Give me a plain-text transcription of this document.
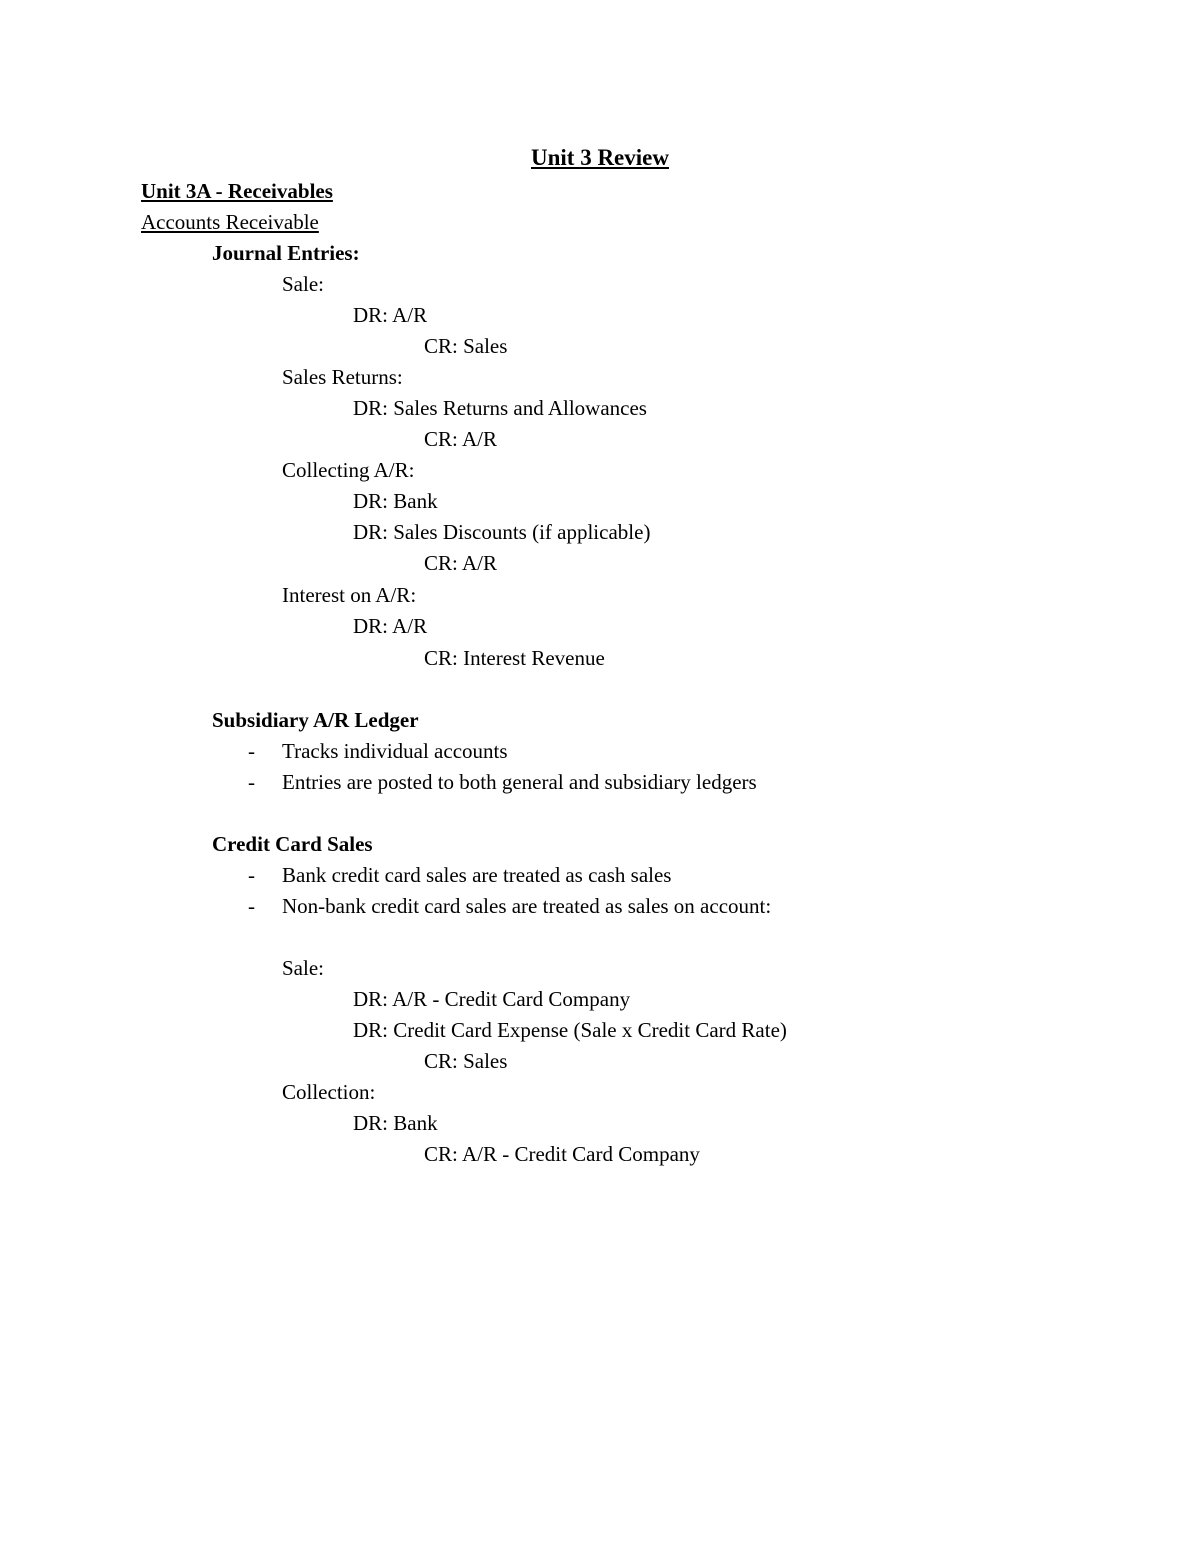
Unit 3 Review
Unit 3A - Receivables
Accounts Receivable
Journal Entries:
Sale:
DR: A/R
CR: Sales
Sales Returns:
DR: Sales Returns and Allowances
CR: A/R
Collecting A/R:
DR: Bank
DR: Sales Discounts (if applicable)
CR: A/R
Interest on A/R:
DR: A/R
CR: Interest Revenue
Subsidiary A/R Ledger
- Tracks individual accounts
- Entries are posted to both general and subsidiary ledgers
Credit Card Sales
- Bank credit card sales are treated as cash sales
- Non-bank credit card sales are treated as sales on account:
Sale:
DR: A/R - Credit Card Company
DR: Credit Card Expense (Sale x Credit Card Rate)
CR: Sales
Collection:
DR: Bank
CR: A/R - Credit Card Company
